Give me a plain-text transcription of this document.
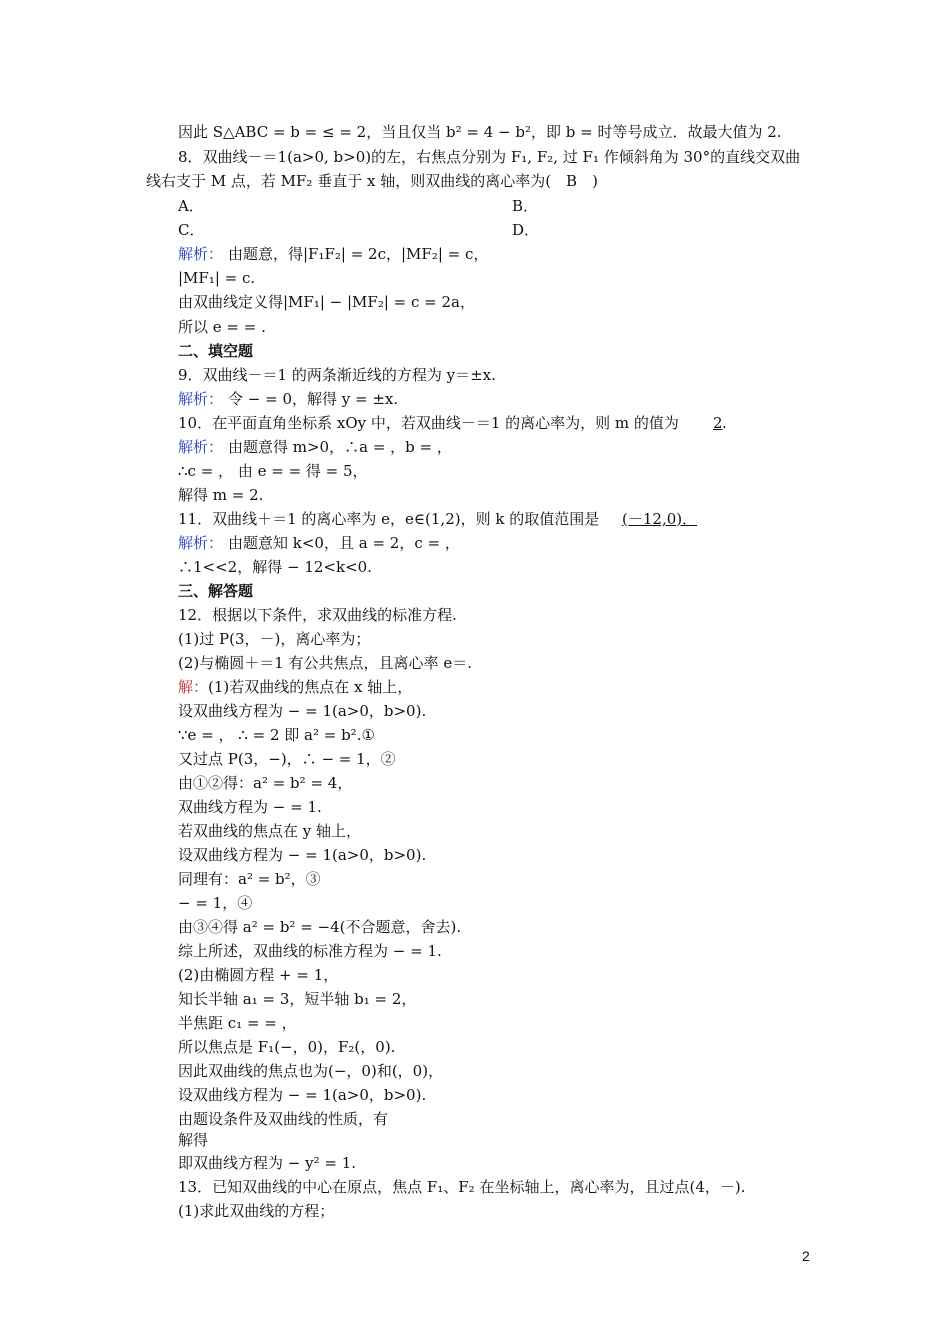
因此 S△ABC = b = ≤ = 2，当且仅当 b² = 4 − b²，即 b = 时等号成立．故最大值为 2.
8．双曲线－＝1(a>0, b>0)的左，右焦点分别为 F₁, F₂, 过 F₁ 作倾斜角为 30°的直线交双曲
线右支于 M 点，若 MF₂ 垂直于 x 轴，则双曲线的离心率为(　B　)
A．	B．
C．	D．
解析： 由题意，得|F₁F₂| = 2c，|MF₂| = c，
|MF₁| = c.
由双曲线定义得|MF₁| − |MF₂| = c = 2a，
所以 e = = .
二、填空题
9．双曲线－＝1 的两条渐近线的方程为 y＝±x.
解析： 令 − = 0，解得 y = ±x.
10．在平面直角坐标系 xOy 中，若双曲线－＝1 的离心率为，则 m 的值为 2 .
解析： 由题意得 m>0，∴a = ，b = ，
∴c = ， 由 e = = 得 = 5，
解得 m = 2.
11．双曲线＋＝1 的离心率为 e，e∈(1,2)，则 k 的取值范围是 (－12,0)．
解析： 由题意知 k<0，且 a = 2，c = ，
∴1<<2，解得 − 12<k<0.
三、解答题
12．根据以下条件，求双曲线的标准方程.
(1)过 P(3，－)，离心率为；
(2)与椭圆＋＝1 有公共焦点，且离心率 e＝.
解： (1)若双曲线的焦点在 x 轴上，
设双曲线方程为 − = 1(a>0，b>0).
∵e = ， ∴ = 2 即 a² = b².①
又过点 P(3，−)，∴ − = 1，②
由①②得：a² = b² = 4，
双曲线方程为 − = 1.
若双曲线的焦点在 y 轴上，
设双曲线方程为 − = 1(a>0，b>0).
同理有：a² = b²，③
− = 1，④
由③④得 a² = b² = −4(不合题意，舍去).
综上所述，双曲线的标准方程为 − = 1.
(2)由椭圆方程 + = 1，
知长半轴 a₁ = 3，短半轴 b₁ = 2，
半焦距 c₁ = = ，
所以焦点是 F₁(−，0)，F₂(，0).
因此双曲线的焦点也为(−，0)和(，0)，
设双曲线方程为 − = 1(a>0，b>0).
由题设条件及双曲线的性质，有
解得
即双曲线方程为 − y² = 1.
13．已知双曲线的中心在原点，焦点 F₁、F₂ 在坐标轴上，离心率为，且过点(4，－).
(1)求此双曲线的方程；
2
